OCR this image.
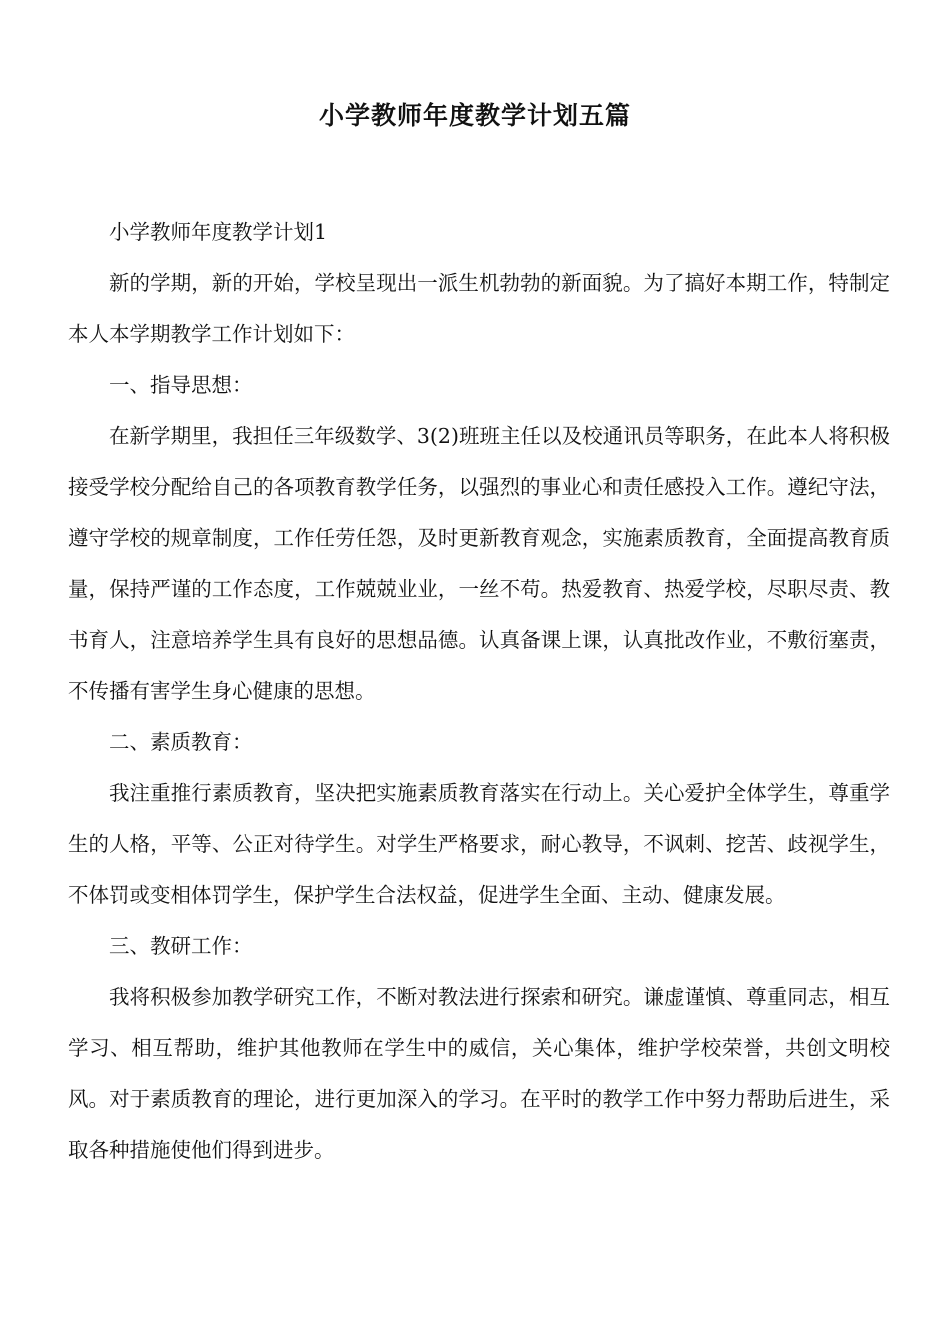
小学教师年度教学计划五篇

小学教师年度教学计划1

新的学期，新的开始，学校呈现出一派生机勃勃的新面貌。为了搞好本期工作，特制定本人本学期教学工作计划如下：

一、指导思想：

在新学期里，我担任三年级数学、3(2)班班主任以及校通讯员等职务，在此本人将积极接受学校分配给自己的各项教育教学任务，以强烈的事业心和责任感投入工作。遵纪守法，遵守学校的规章制度，工作任劳任怨，及时更新教育观念，实施素质教育，全面提高教育质量，保持严谨的工作态度，工作兢兢业业，一丝不苟。热爱教育、热爱学校，尽职尽责、教书育人，注意培养学生具有良好的思想品德。认真备课上课，认真批改作业，不敷衍塞责，不传播有害学生身心健康的思想。

二、素质教育：

我注重推行素质教育，坚决把实施素质教育落实在行动上。关心爱护全体学生，尊重学生的人格，平等、公正对待学生。对学生严格要求，耐心教导，不讽刺、挖苦、歧视学生，不体罚或变相体罚学生，保护学生合法权益，促进学生全面、主动、健康发展。

三、教研工作：

我将积极参加教学研究工作，不断对教法进行探索和研究。谦虚谨慎、尊重同志，相互学习、相互帮助，维护其他教师在学生中的威信，关心集体，维护学校荣誉，共创文明校风。对于素质教育的理论，进行更加深入的学习。在平时的教学工作中努力帮助后进生，采取各种措施使他们得到进步。
